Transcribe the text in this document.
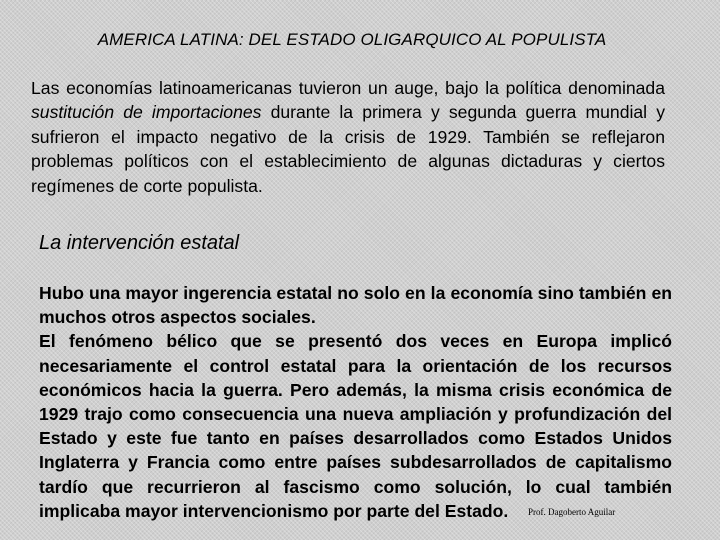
AMERICA LATINA: DEL ESTADO OLIGARQUICO AL POPULISTA
Las economías latinoamericanas tuvieron un auge, bajo la política denominada sustitución de importaciones durante la primera y segunda guerra mundial y sufrieron el impacto negativo de la crisis de 1929. También se reflejaron problemas políticos con el establecimiento de algunas dictaduras y ciertos regímenes de corte populista.
La intervención estatal

Hubo una mayor ingerencia estatal no solo en la economía sino también en muchos otros aspectos sociales.

El fenómeno bélico que se presentó dos veces en Europa implicó necesariamente el control estatal para la orientación de los recursos económicos hacia la guerra. Pero además, la misma crisis económica de 1929 trajo como consecuencia una nueva ampliación y profundización del Estado y este fue tanto en países desarrollados como Estados Unidos Inglaterra y Francia como entre países subdesarrollados de capitalismo tardío que recurrieron al fascismo como solución, lo cual también implicaba mayor intervencionismo por parte del Estado.	Prof. Dagoberto Aguilar
